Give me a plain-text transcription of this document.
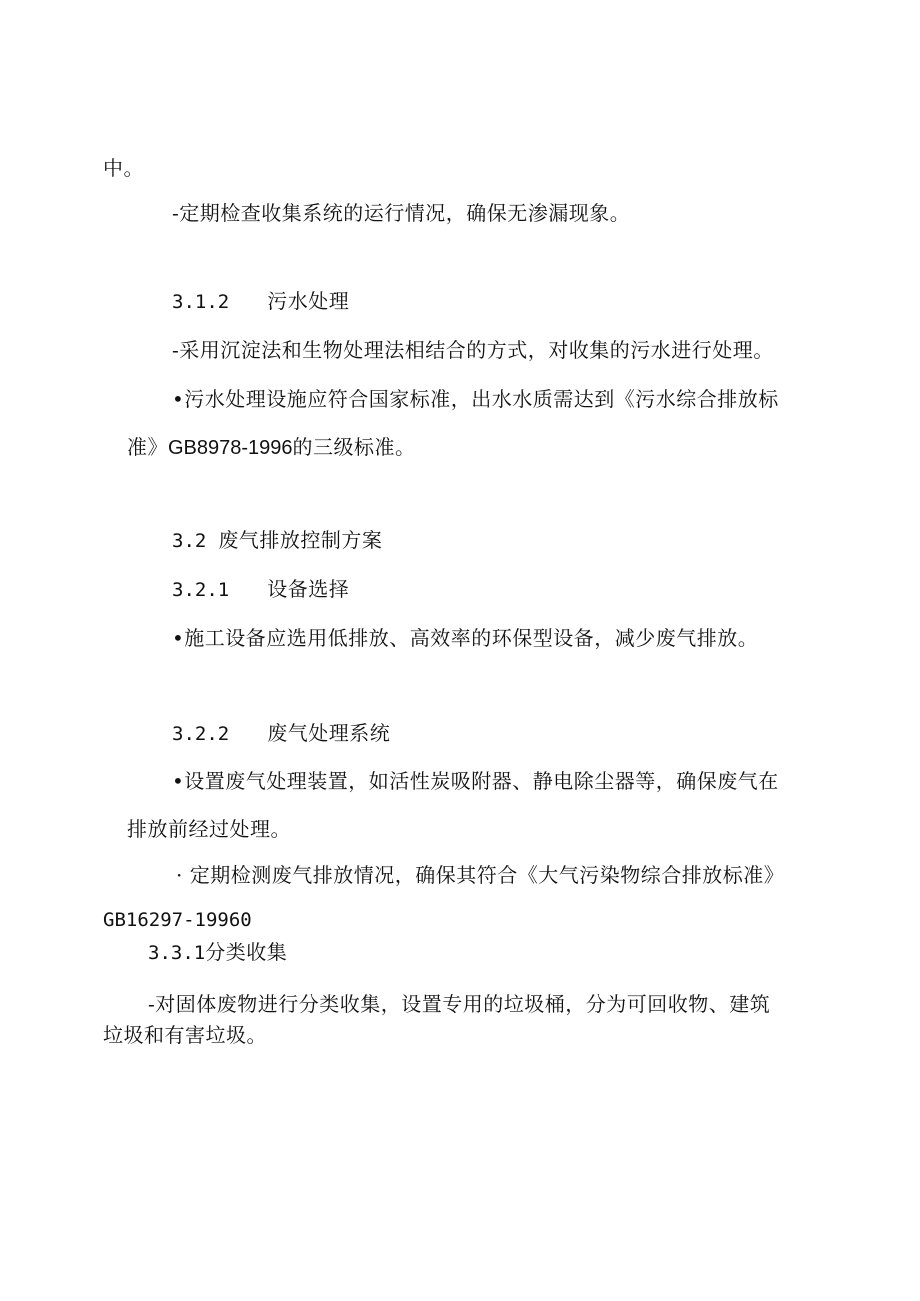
中。
-定期检查收集系统的运行情况，确保无渗漏现象。
3.1.2 污水处理
-采用沉淀法和生物处理法相结合的方式，对收集的污水进行处理。
•污水处理设施应符合国家标准，出水水质需达到《污水综合排放标
准》GB8978-1996的三级标准。
3.2 废气排放控制方案
3.2.1 设备选择
•施工设备应选用低排放、高效率的环保型设备，减少废气排放。
3.2.2 废气处理系统
•设置废气处理装置，如活性炭吸附器、静电除尘器等，确保废气在
排放前经过处理。
· 定期检测废气排放情况，确保其符合《大气污染物综合排放标准》
GB16297-19960
3.3.1分类收集
-对固体废物进行分类收集，设置专用的垃圾桶，分为可回收物、建筑
垃圾和有害垃圾。
